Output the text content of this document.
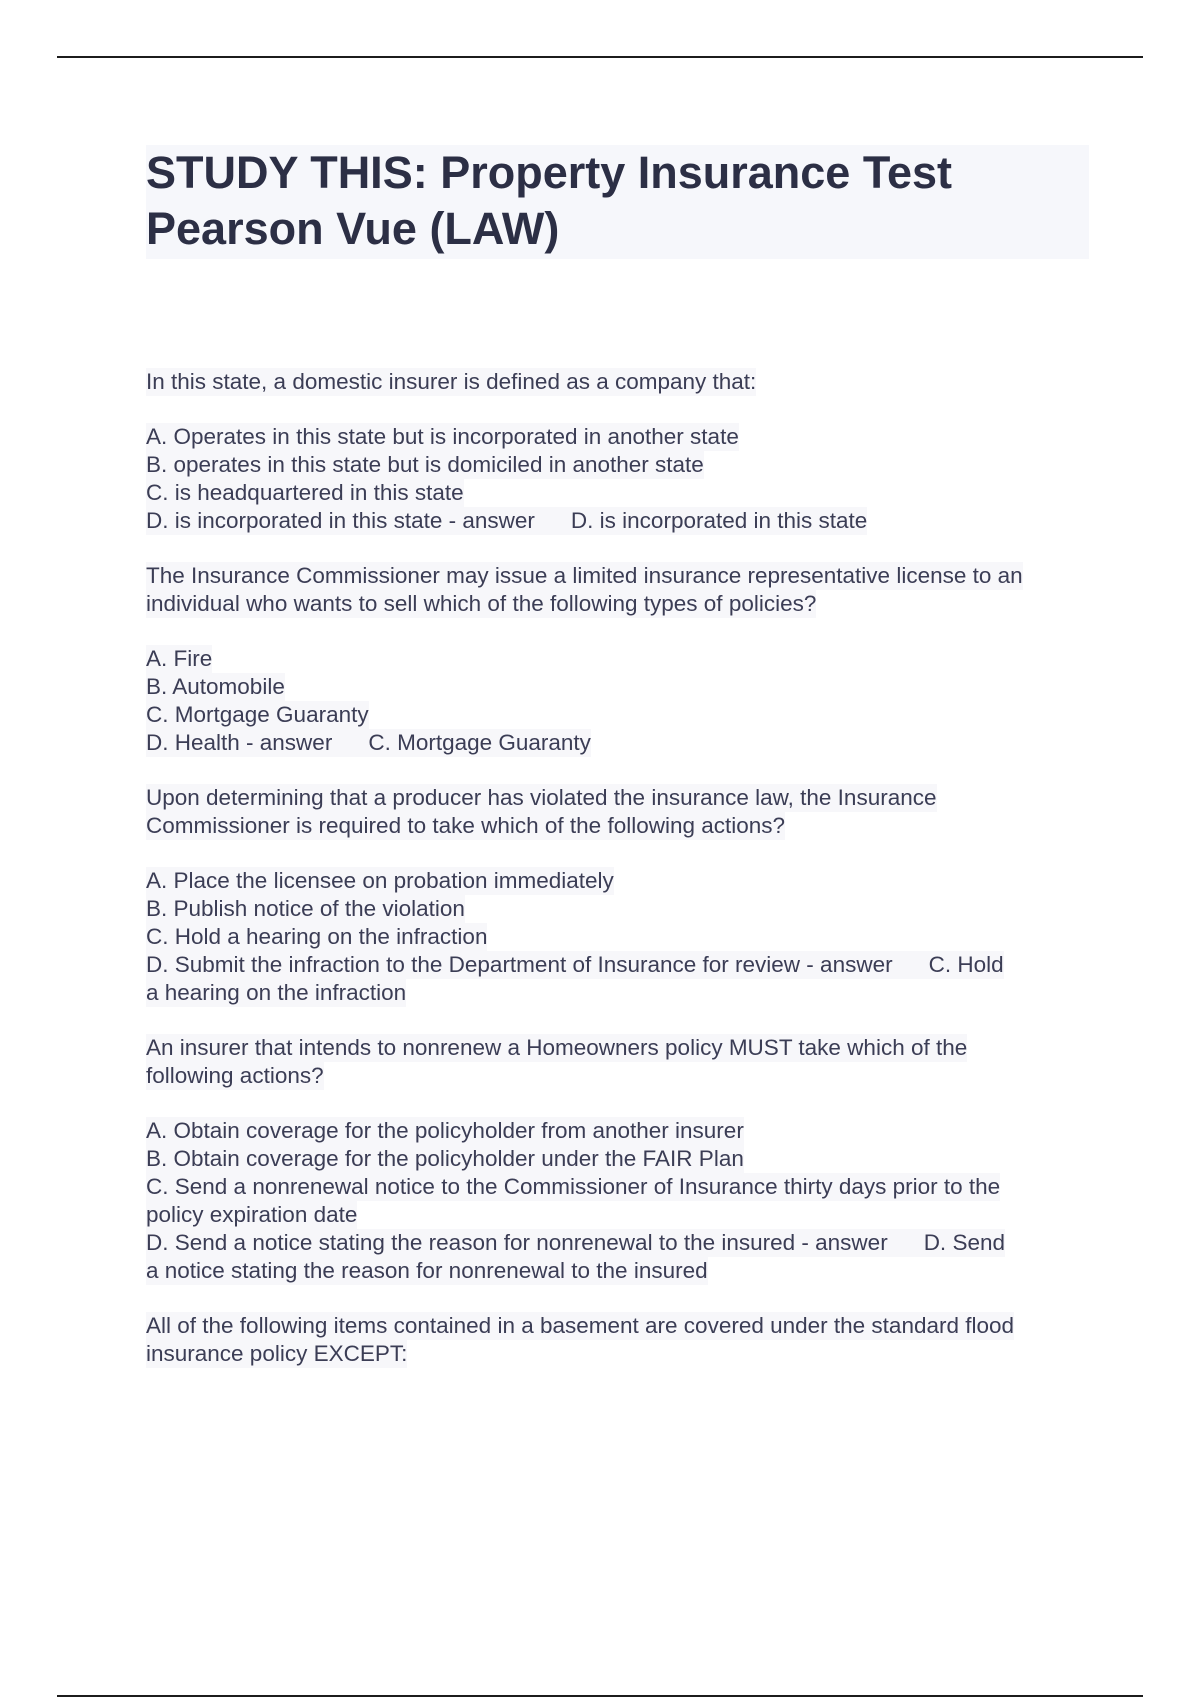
STUDY THIS: Property Insurance Test
Pearson Vue (LAW)
In this state, a domestic insurer is defined as a company that:
A. Operates in this state but is incorporated in another state
B. operates in this state but is domiciled in another state
C. is headquartered in this state
D. is incorporated in this state - answer D. is incorporated in this state
The Insurance Commissioner may issue a limited insurance representative license to an
individual who wants to sell which of the following types of policies?
A. Fire
B. Automobile
C. Mortgage Guaranty
D. Health - answer C. Mortgage Guaranty
Upon determining that a producer has violated the insurance law, the Insurance
Commissioner is required to take which of the following actions?
A. Place the licensee on probation immediately
B. Publish notice of the violation
C. Hold a hearing on the infraction
D. Submit the infraction to the Department of Insurance for review - answer C. Hold
a hearing on the infraction
An insurer that intends to nonrenew a Homeowners policy MUST take which of the
following actions?
A. Obtain coverage for the policyholder from another insurer
B. Obtain coverage for the policyholder under the FAIR Plan
C. Send a nonrenewal notice to the Commissioner of Insurance thirty days prior to the
policy expiration date
D. Send a notice stating the reason for nonrenewal to the insured - answer D. Send
a notice stating the reason for nonrenewal to the insured
All of the following items contained in a basement are covered under the standard flood
insurance policy EXCEPT:
